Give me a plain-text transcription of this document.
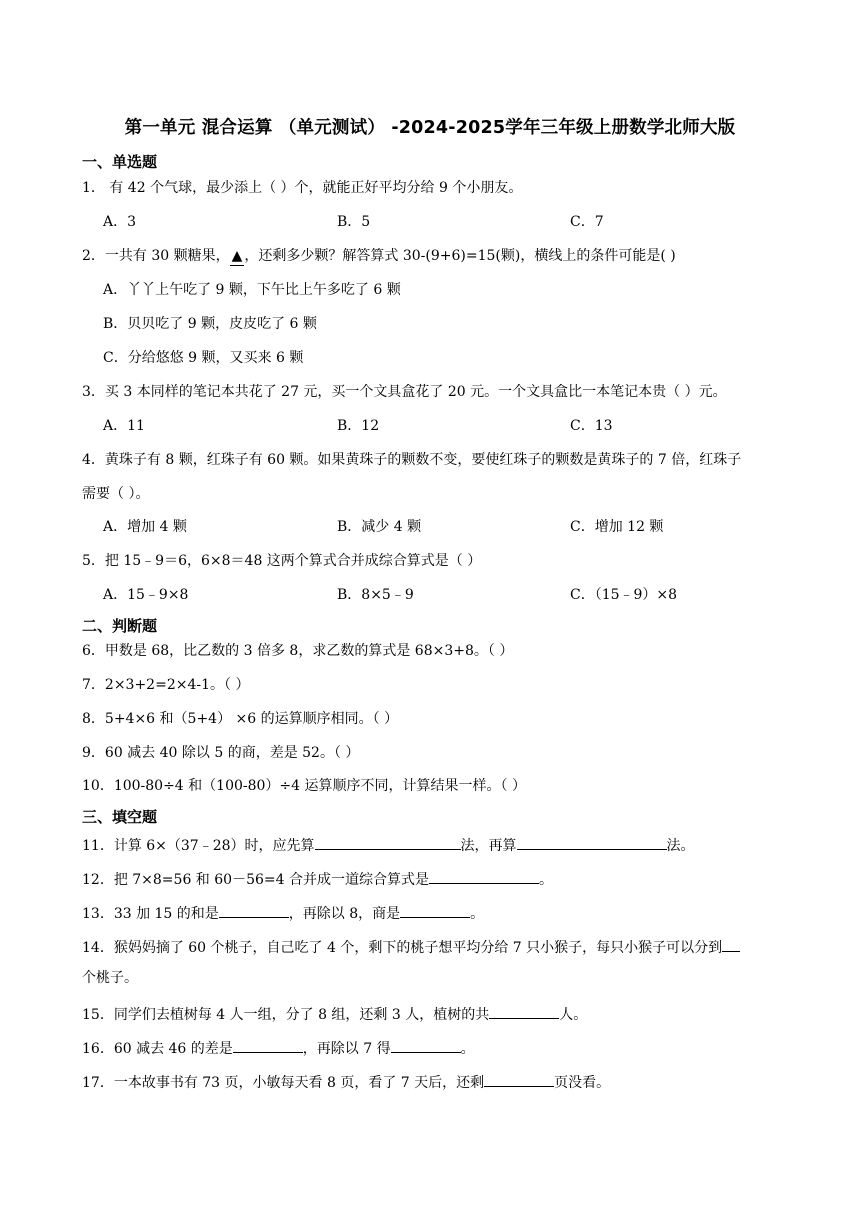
第一单元 混合运算 （单元测试） -2024-2025学年三年级上册数学北师大版
一、单选题
1． 有 42 个气球，最少添上（ ）个，就能正好平均分给 9 个小朋友。
A．3	B．5	C．7
2．一共有 30 颗糖果， ▲ ，还剩多少颗？解答算式 30-(9+6)=15(颗)，横线上的条件可能是( )
A．丫丫上午吃了 9 颗，下午比上午多吃了 6 颗
B．贝贝吃了 9 颗，皮皮吃了 6 颗
C．分给悠悠 9 颗，又买来 6 颗
3．买 3 本同样的笔记本共花了 27 元，买一个文具盒花了 20 元。一个文具盒比一本笔记本贵（ ）元。
A．11	B．12	C．13
4．黄珠子有 8 颗，红珠子有 60 颗。如果黄珠子的颗数不变，要使红珠子的颗数是黄珠子的 7 倍，红珠子
需要（ ）。
A．增加 4 颗	B．减少 4 颗	C．增加 12 颗
5．把 15﹣9＝6，6×8＝48 这两个算式合并成综合算式是（ ）
A．15﹣9×8	B．8×5﹣9	C．（15﹣9）×8
二、判断题
6．甲数是 68，比乙数的 3 倍多 8，求乙数的算式是 68×3+8。（ ）
7．2×3+2=2×4-1。（ ）
8．5+4×6 和（5+4） ×6 的运算顺序相同。（ ）
9．60 减去 40 除以 5 的商，差是 52。（ ）
10．100-80÷4 和（100-80）÷4 运算顺序不同，计算结果一样。（ ）
三、填空题
11．计算 6×（37﹣28）时，应先算	法，再算	法。
12．把 7×8=56 和 60－56=4 合并成一道综合算式是	。
13．33 加 15 的和是	，再除以 8，商是	。
14．猴妈妈摘了 60 个桃子，自己吃了 4 个，剩下的桃子想平均分给 7 只小猴子，每只小猴子可以分到
个桃子。
15．同学们去植树每 4 人一组，分了 8 组，还剩 3 人，植树的共	人。
16．60 减去 46 的差是	，再除以 7 得	。
17．一本故事书有 73 页，小敏每天看 8 页，看了 7 天后，还剩	页没看。
